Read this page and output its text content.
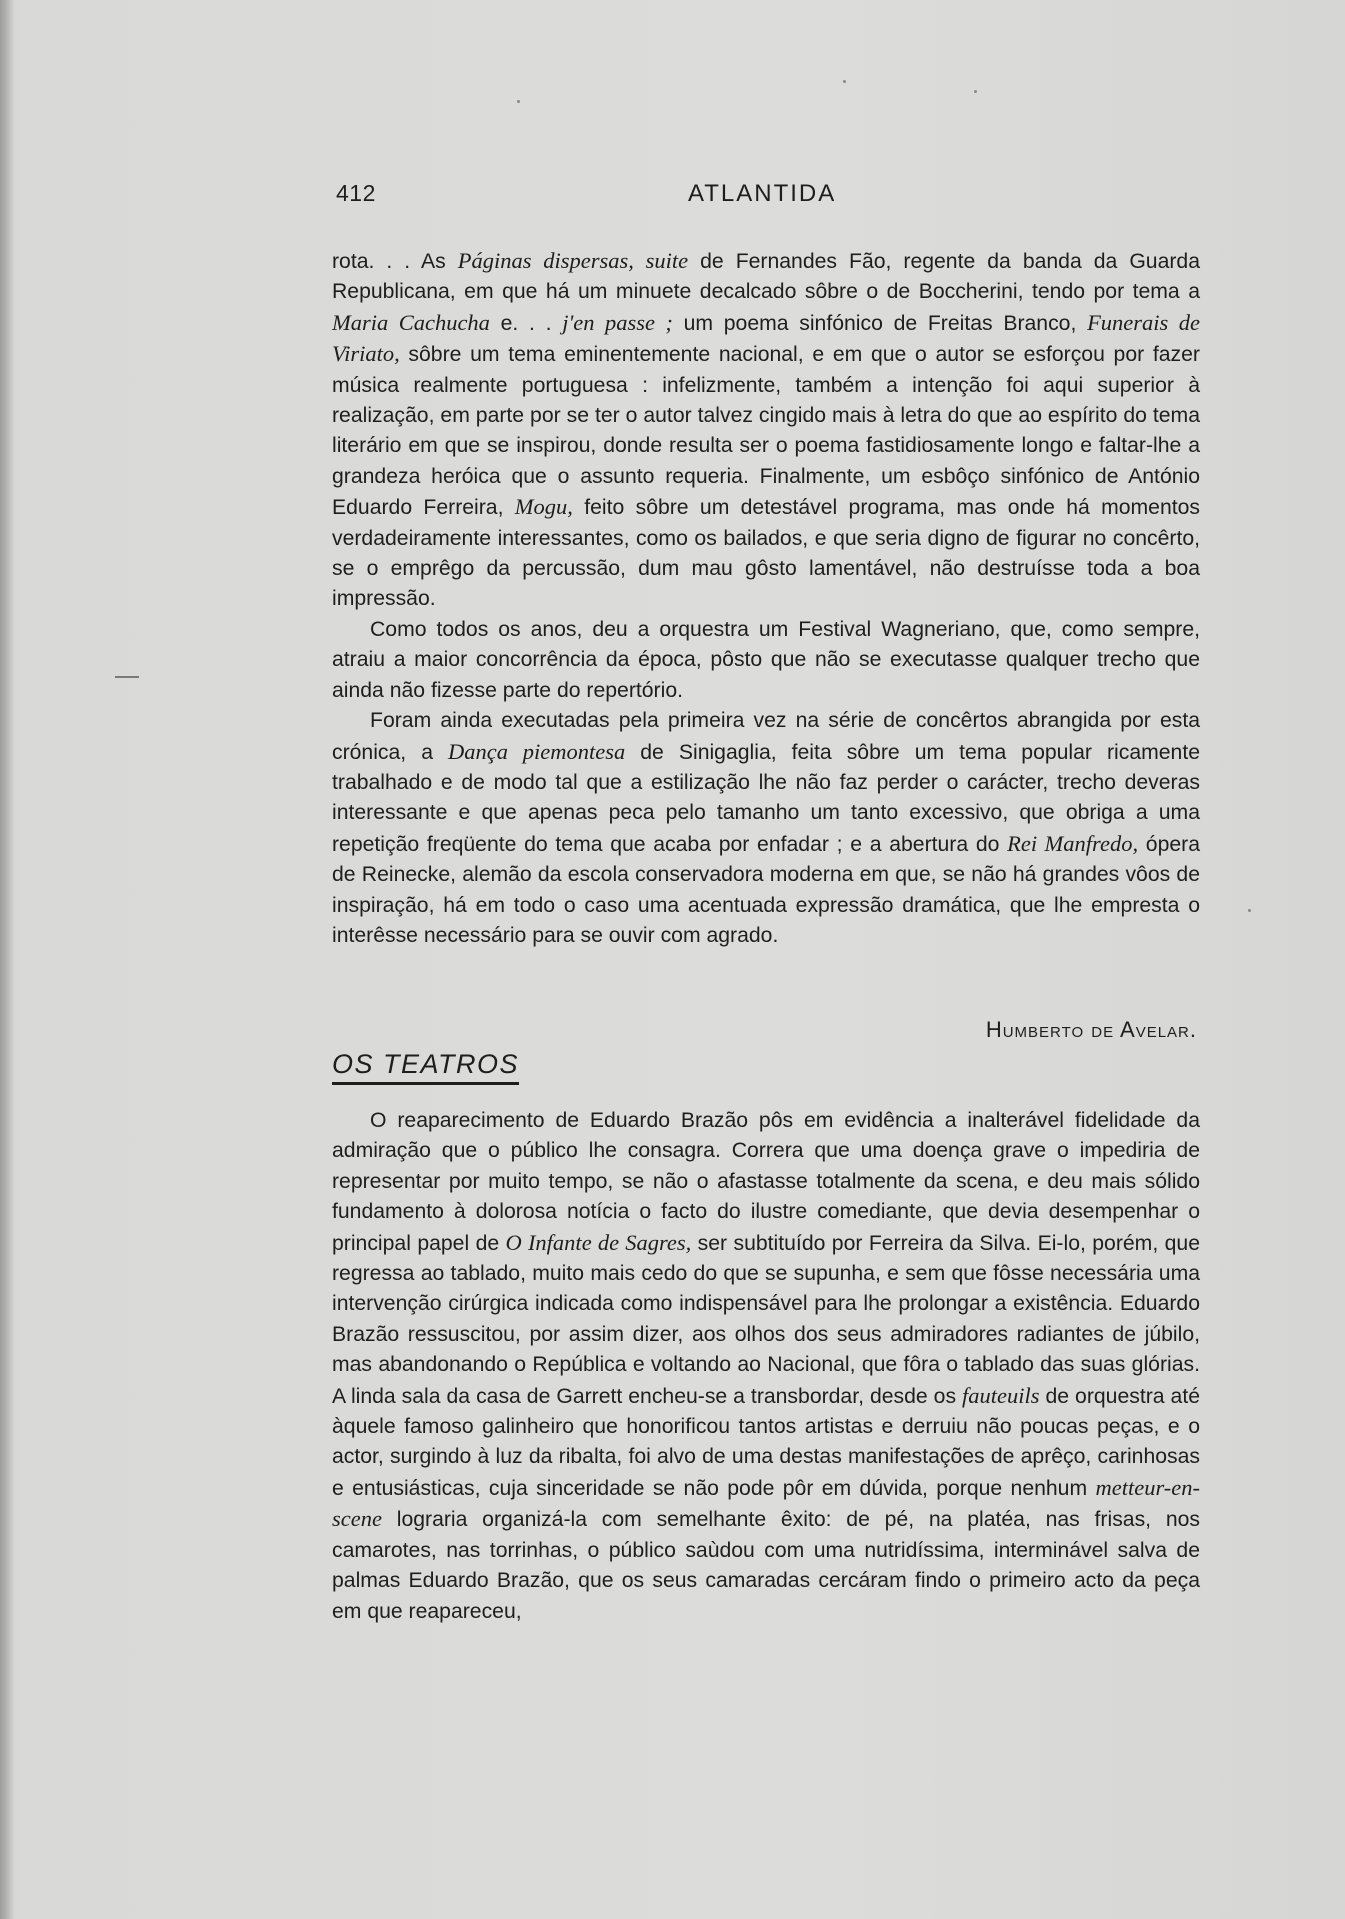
412	ATLANTIDA

rota. . . As Páginas dispersas, suite de Fernandes Fão, regente da banda da Guarda Republicana, em que há um minuete decalcado sôbre o de Boccherini, tendo por tema a Maria Cachucha e. . . j'en passe ; um poema sinfónico de Freitas Branco, Funerais de Viriato, sôbre um tema eminentemente nacional, e em que o autor se esforçou por fazer música realmente portuguesa : infelizmente, também a intenção foi aqui superior à realização, em parte por se ter o autor talvez cingido mais à letra do que ao espírito do tema literário em que se inspirou, donde resulta ser o poema fastidiosamente longo e faltar-lhe a grandeza heróica que o assunto requeria. Finalmente, um esbôço sinfónico de António Eduardo Ferreira, Mogu, feito sôbre um detestável programa, mas onde há momentos verdadeiramente interessantes, como os bailados, e que seria digno de figurar no concêrto, se o emprêgo da percussão, dum mau gôsto lamentável, não destruísse toda a boa impressão.

Como todos os anos, deu a orquestra um Festival Wagneriano, que, como sempre, atraiu a maior concorrência da época, pôsto que não se executasse qualquer trecho que ainda não fizesse parte do repertório.

Foram ainda executadas pela primeira vez na série de concêrtos abrangida por esta crónica, a Dança piemontesa de Sinigaglia, feita sôbre um tema popular ricamente trabalhado e de modo tal que a estilização lhe não faz perder o carácter, trecho deveras interessante e que apenas peca pelo tamanho um tanto excessivo, que obriga a uma repetição freqüente do tema que acaba por enfadar ; e a abertura do Rei Manfredo, ópera de Reinecke, alemão da escola conservadora moderna em que, se não há grandes vôos de inspiração, há em todo o caso uma acentuada expressão dramática, que lhe empresta o interêsse necessário para se ouvir com agrado.

Humberto de Avelar.
OS TEATROS

O reaparecimento de Eduardo Brazão pôs em evidência a inalterável fidelidade da admiração que o público lhe consagra. Correra que uma doença grave o impediria de representar por muito tempo, se não o afastasse totalmente da scena, e deu mais sólido fundamento à dolorosa notícia o facto do ilustre comediante, que devia desempenhar o principal papel de O Infante de Sagres, ser subtituído por Ferreira da Silva. Ei-lo, porém, que regressa ao tablado, muito mais cedo do que se supunha, e sem que fôsse necessária uma intervenção cirúrgica indicada como indispensável para lhe prolongar a existência. Eduardo Brazão ressuscitou, por assim dizer, aos olhos dos seus admiradores radiantes de júbilo, mas abandonando o República e voltando ao Nacional, que fôra o tablado das suas glórias. A linda sala da casa de Garrett encheu-se a transbordar, desde os fauteuils de orquestra até àquele famoso galinheiro que honorificou tantos artistas e derruiu não poucas peças, e o actor, surgindo à luz da ribalta, foi alvo de uma destas manifestações de aprêço, carinhosas e entusiásticas, cuja sinceridade se não pode pôr em dúvida, porque nenhum metteur-en-scene lograria organizá-la com semelhante êxito: de pé, na platéa, nas frisas, nos camarotes, nas torrinhas, o público saùdou com uma nutridíssima, interminável salva de palmas Eduardo Brazão, que os seus camaradas cercáram findo o primeiro acto da peça em que reapareceu,
